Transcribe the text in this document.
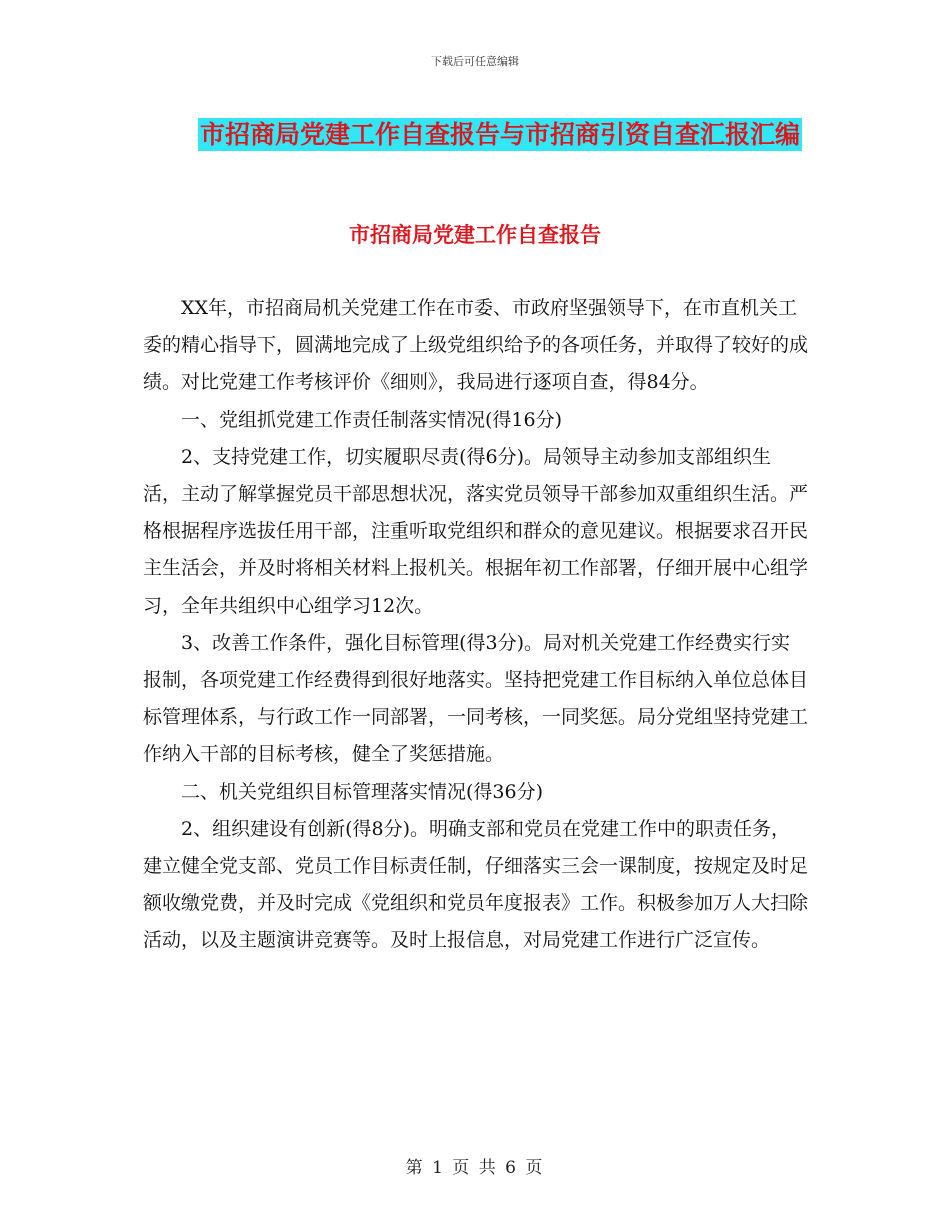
下载后可任意编辑
市招商局党建工作自查报告与市招商引资自查汇报汇编
市招商局党建工作自查报告

XX年，市招商局机关党建工作在市委、市政府坚强领导下，在市直机关工委的精心指导下，圆满地完成了上级党组织给予的各项任务，并取得了较好的成绩。对比党建工作考核评价《细则》，我局进行逐项自查，得84分。

一、党组抓党建工作责任制落实情况(得16分)

2、支持党建工作，切实履职尽责(得6分)。局领导主动参加支部组织生活，主动了解掌握党员干部思想状况，落实党员领导干部参加双重组织生活。严格根据程序选拔任用干部，注重听取党组织和群众的意见建议。根据要求召开民主生活会，并及时将相关材料上报机关。根据年初工作部署，仔细开展中心组学习，全年共组织中心组学习12次。

3、改善工作条件，强化目标管理(得3分)。局对机关党建工作经费实行实报制，各项党建工作经费得到很好地落实。坚持把党建工作目标纳入单位总体目标管理体系，与行政工作一同部署，一同考核，一同奖惩。局分党组坚持党建工作纳入干部的目标考核，健全了奖惩措施。

二、机关党组织目标管理落实情况(得36分)

2、组织建设有创新(得8分)。明确支部和党员在党建工作中的职责任务，建立健全党支部、党员工作目标责任制，仔细落实三会一课制度，按规定及时足额收缴党费，并及时完成《党组织和党员年度报表》工作。积极参加万人大扫除活动，以及主题演讲竞赛等。及时上报信息，对局党建工作进行广泛宣传。

第 1 页 共 6 页
